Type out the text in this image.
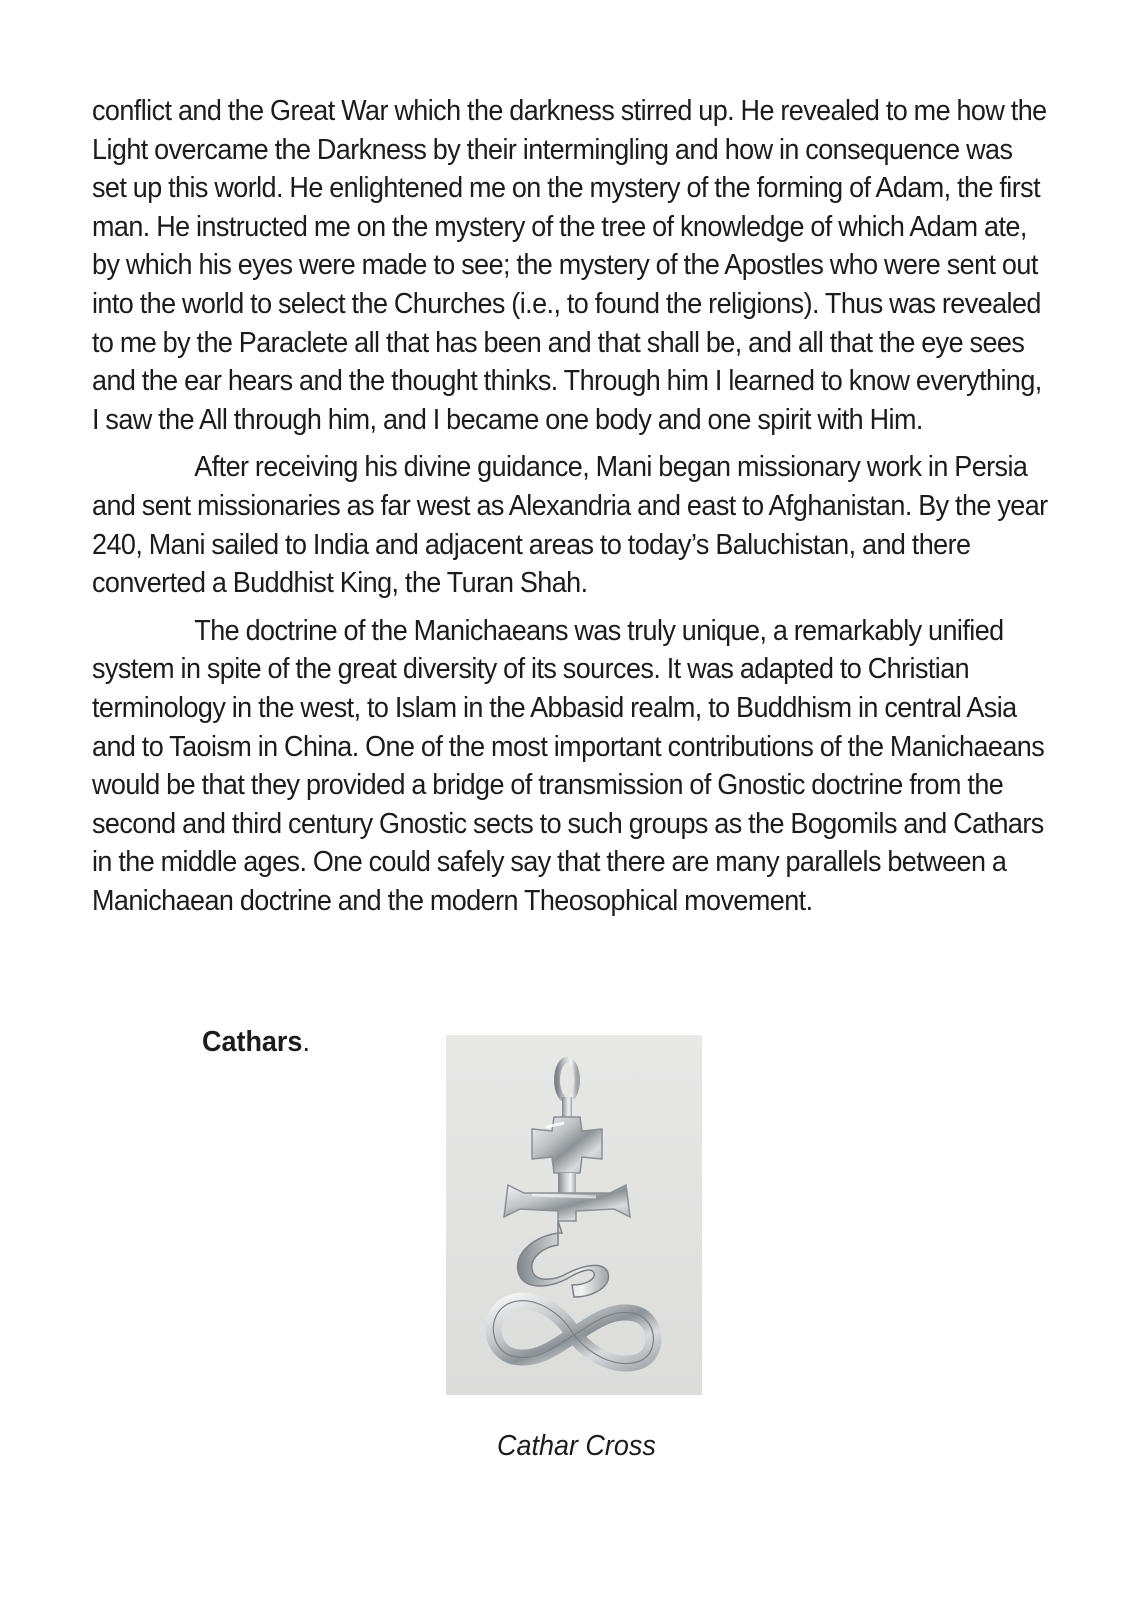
conflict and the Great War which the darkness stirred up. He revealed to me how the Light overcame the Darkness by their intermingling and how in consequence was set up this world. He enlightened me on the mystery of the forming of Adam, the first man. He instructed me on the mystery of the tree of knowledge of which Adam ate, by which his eyes were made to see; the mystery of the Apostles who were sent out into the world to select the Churches (i.e., to found the religions). Thus was revealed to me by the Paraclete all that has been and that shall be, and all that the eye sees and the ear hears and the thought thinks. Through him I learned to know everything, I saw the All through him, and I became one body and one spirit with Him.

After receiving his divine guidance, Mani began missionary work in Persia and sent missionaries as far west as Alexandria and east to Afghanistan. By the year 240, Mani sailed to India and adjacent areas to today’s Baluchistan, and there converted a Buddhist King, the Turan Shah.

The doctrine of the Manichaeans was truly unique, a remarkably unified system in spite of the great diversity of its sources. It was adapted to Christian terminology in the west, to Islam in the Abbasid realm, to Buddhism in central Asia and to Taoism in China. One of the most important contributions of the Manichaeans would be that they provided a bridge of transmission of Gnostic doctrine from the second and third century Gnostic sects to such groups as the Bogomils and Cathars in the middle ages. One could safely say that there are many parallels between a Manichaean doctrine and the modern Theosophical movement.

Cathars.
Cathar Cross
